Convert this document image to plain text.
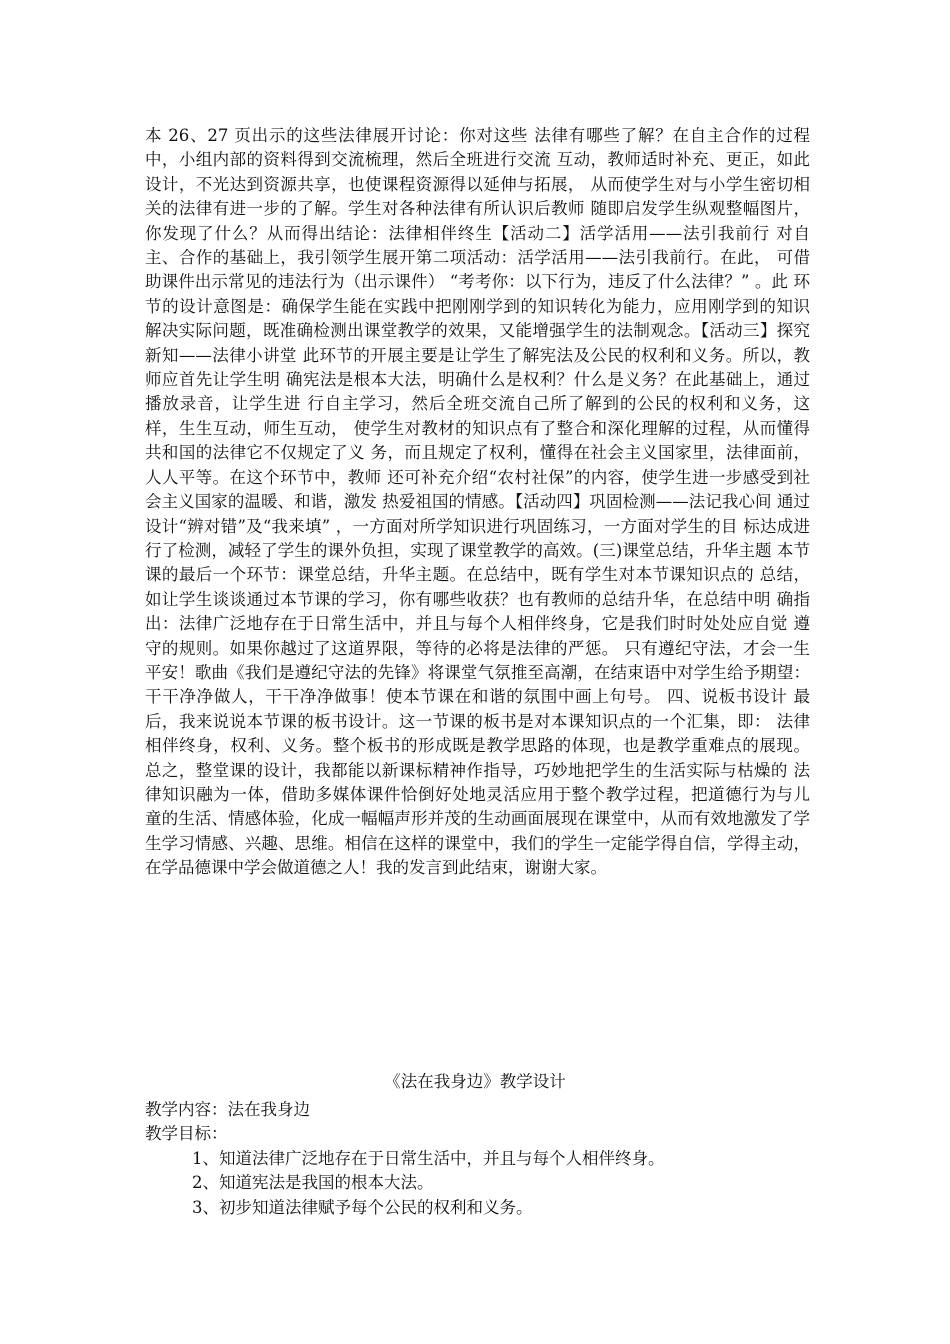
本 26、27 页出示的这些法律展开讨论：你对这些 法律有哪些了解？在自主合作的过程中，小组内部的资料得到交流梳理，然后全班进行交流 互动，教师适时补充、更正，如此设计，不光达到资源共享，也使课程资源得以延伸与拓展， 从而使学生对与小学生密切相关的法律有进一步的了解。学生对各种法律有所认识后教师 随即启发学生纵观整幅图片，你发现了什么？从而得出结论：法律相伴终生【活动二】活学活用——法引我前行 对自主、合作的基础上，我引领学生展开第二项活动：活学活用——法引我前行。在此， 可借助课件出示常见的违法行为（出示课件） “考考你：以下行为，违反了什么法律？” 。此 环节的设计意图是：确保学生能在实践中把刚刚学到的知识转化为能力，应用刚学到的知识 解决实际问题，既准确检测出课堂教学的效果，又能增强学生的法制观念。【活动三】探究新知——法律小讲堂 此环节的开展主要是让学生了解宪法及公民的权利和义务。所以，教师应首先让学生明 确宪法是根本大法，明确什么是权利？什么是义务？在此基础上，通过播放录音，让学生进 行自主学习，然后全班交流自己所了解到的公民的权利和义务，这样，生生互动，师生互动， 使学生对教材的知识点有了整合和深化理解的过程，从而懂得共和国的法律它不仅规定了义 务，而且规定了权利，懂得在社会主义国家里，法律面前，人人平等。在这个环节中，教师 还可补充介绍“农村社保”的内容，使学生进一步感受到社会主义国家的温暖、和谐，激发 热爱祖国的情感。【活动四】巩固检测——法记我心间 通过设计“辨对错”及“我来填” ，一方面对所学知识进行巩固练习，一方面对学生的目 标达成进行了检测，减轻了学生的课外负担，实现了课堂教学的高效。(三)课堂总结，升华主题 本节课的最后一个环节：课堂总结，升华主题。在总结中，既有学生对本节课知识点的 总结，如让学生谈谈通过本节课的学习，你有哪些收获？也有教师的总结升华，在总结中明 确指出：法律广泛地存在于日常生活中，并且与每个人相伴终身，它是我们时时处处应自觉 遵守的规则。如果你越过了这道界限，等待的必将是法律的严惩。 只有遵纪守法，才会一生 平安！歌曲《我们是遵纪守法的先锋》将课堂气氛推至高潮，在结束语中对学生给予期望：干干净净做人，干干净净做事！使本节课在和谐的氛围中画上句号。 四、说板书设计 最后，我来说说本节课的板书设计。这一节课的板书是对本课知识点的一个汇集，即： 法律相伴终身，权利、义务。整个板书的形成既是教学思路的体现，也是教学重难点的展现。 总之，整堂课的设计，我都能以新课标精神作指导，巧妙地把学生的生活实际与枯燥的 法律知识融为一体，借助多媒体课件恰倒好处地灵活应用于整个教学过程，把道德行为与儿 童的生活、情感体验，化成一幅幅声形并茂的生动画面展现在课堂中，从而有效地激发了学 生学习情感、兴趣、思维。相信在这样的课堂中，我们的学生一定能学得自信，学得主动， 在学品德课中学会做道德之人！我的发言到此结束，谢谢大家。
《法在我身边》教学设计
教学内容：法在我身边
教学目标：
1、知道法律广泛地存在于日常生活中，并且与每个人相伴终身。
2、知道宪法是我国的根本大法。
3、初步知道法律赋予每个公民的权利和义务。
